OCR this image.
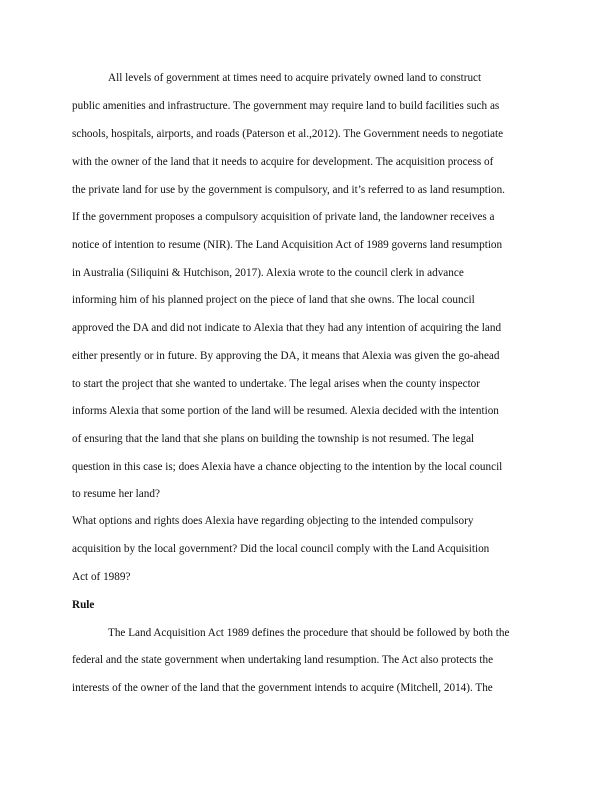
All levels of government at times need to acquire privately owned land to construct
public amenities and infrastructure. The government may require land to build facilities such as
schools, hospitals, airports, and roads (Paterson et al.,2012). The Government needs to negotiate
with the owner of the land that it needs to acquire for development. The acquisition process of
the private land for use by the government is compulsory, and it’s referred to as land resumption.
If the government proposes a compulsory acquisition of private land, the landowner receives a
notice of intention to resume (NIR). The Land Acquisition Act of 1989 governs land resumption
in Australia (Siliquini & Hutchison, 2017). Alexia wrote to the council clerk in advance
informing him of his planned project on the piece of land that she owns. The local council
approved the DA and did not indicate to Alexia that they had any intention of acquiring the land
either presently or in future. By approving the DA, it means that Alexia was given the go-ahead
to start the project that she wanted to undertake. The legal arises when the county inspector
informs Alexia that some portion of the land will be resumed. Alexia decided with the intention
of ensuring that the land that she plans on building the township is not resumed. The legal
question in this case is; does Alexia have a chance objecting to the intention by the local council
to resume her land?
What options and rights does Alexia have regarding objecting to the intended compulsory
acquisition by the local government? Did the local council comply with the Land Acquisition
Act of 1989?
Rule
The Land Acquisition Act 1989 defines the procedure that should be followed by both the
federal and the state government when undertaking land resumption. The Act also protects the
interests of the owner of the land that the government intends to acquire (Mitchell, 2014). The
